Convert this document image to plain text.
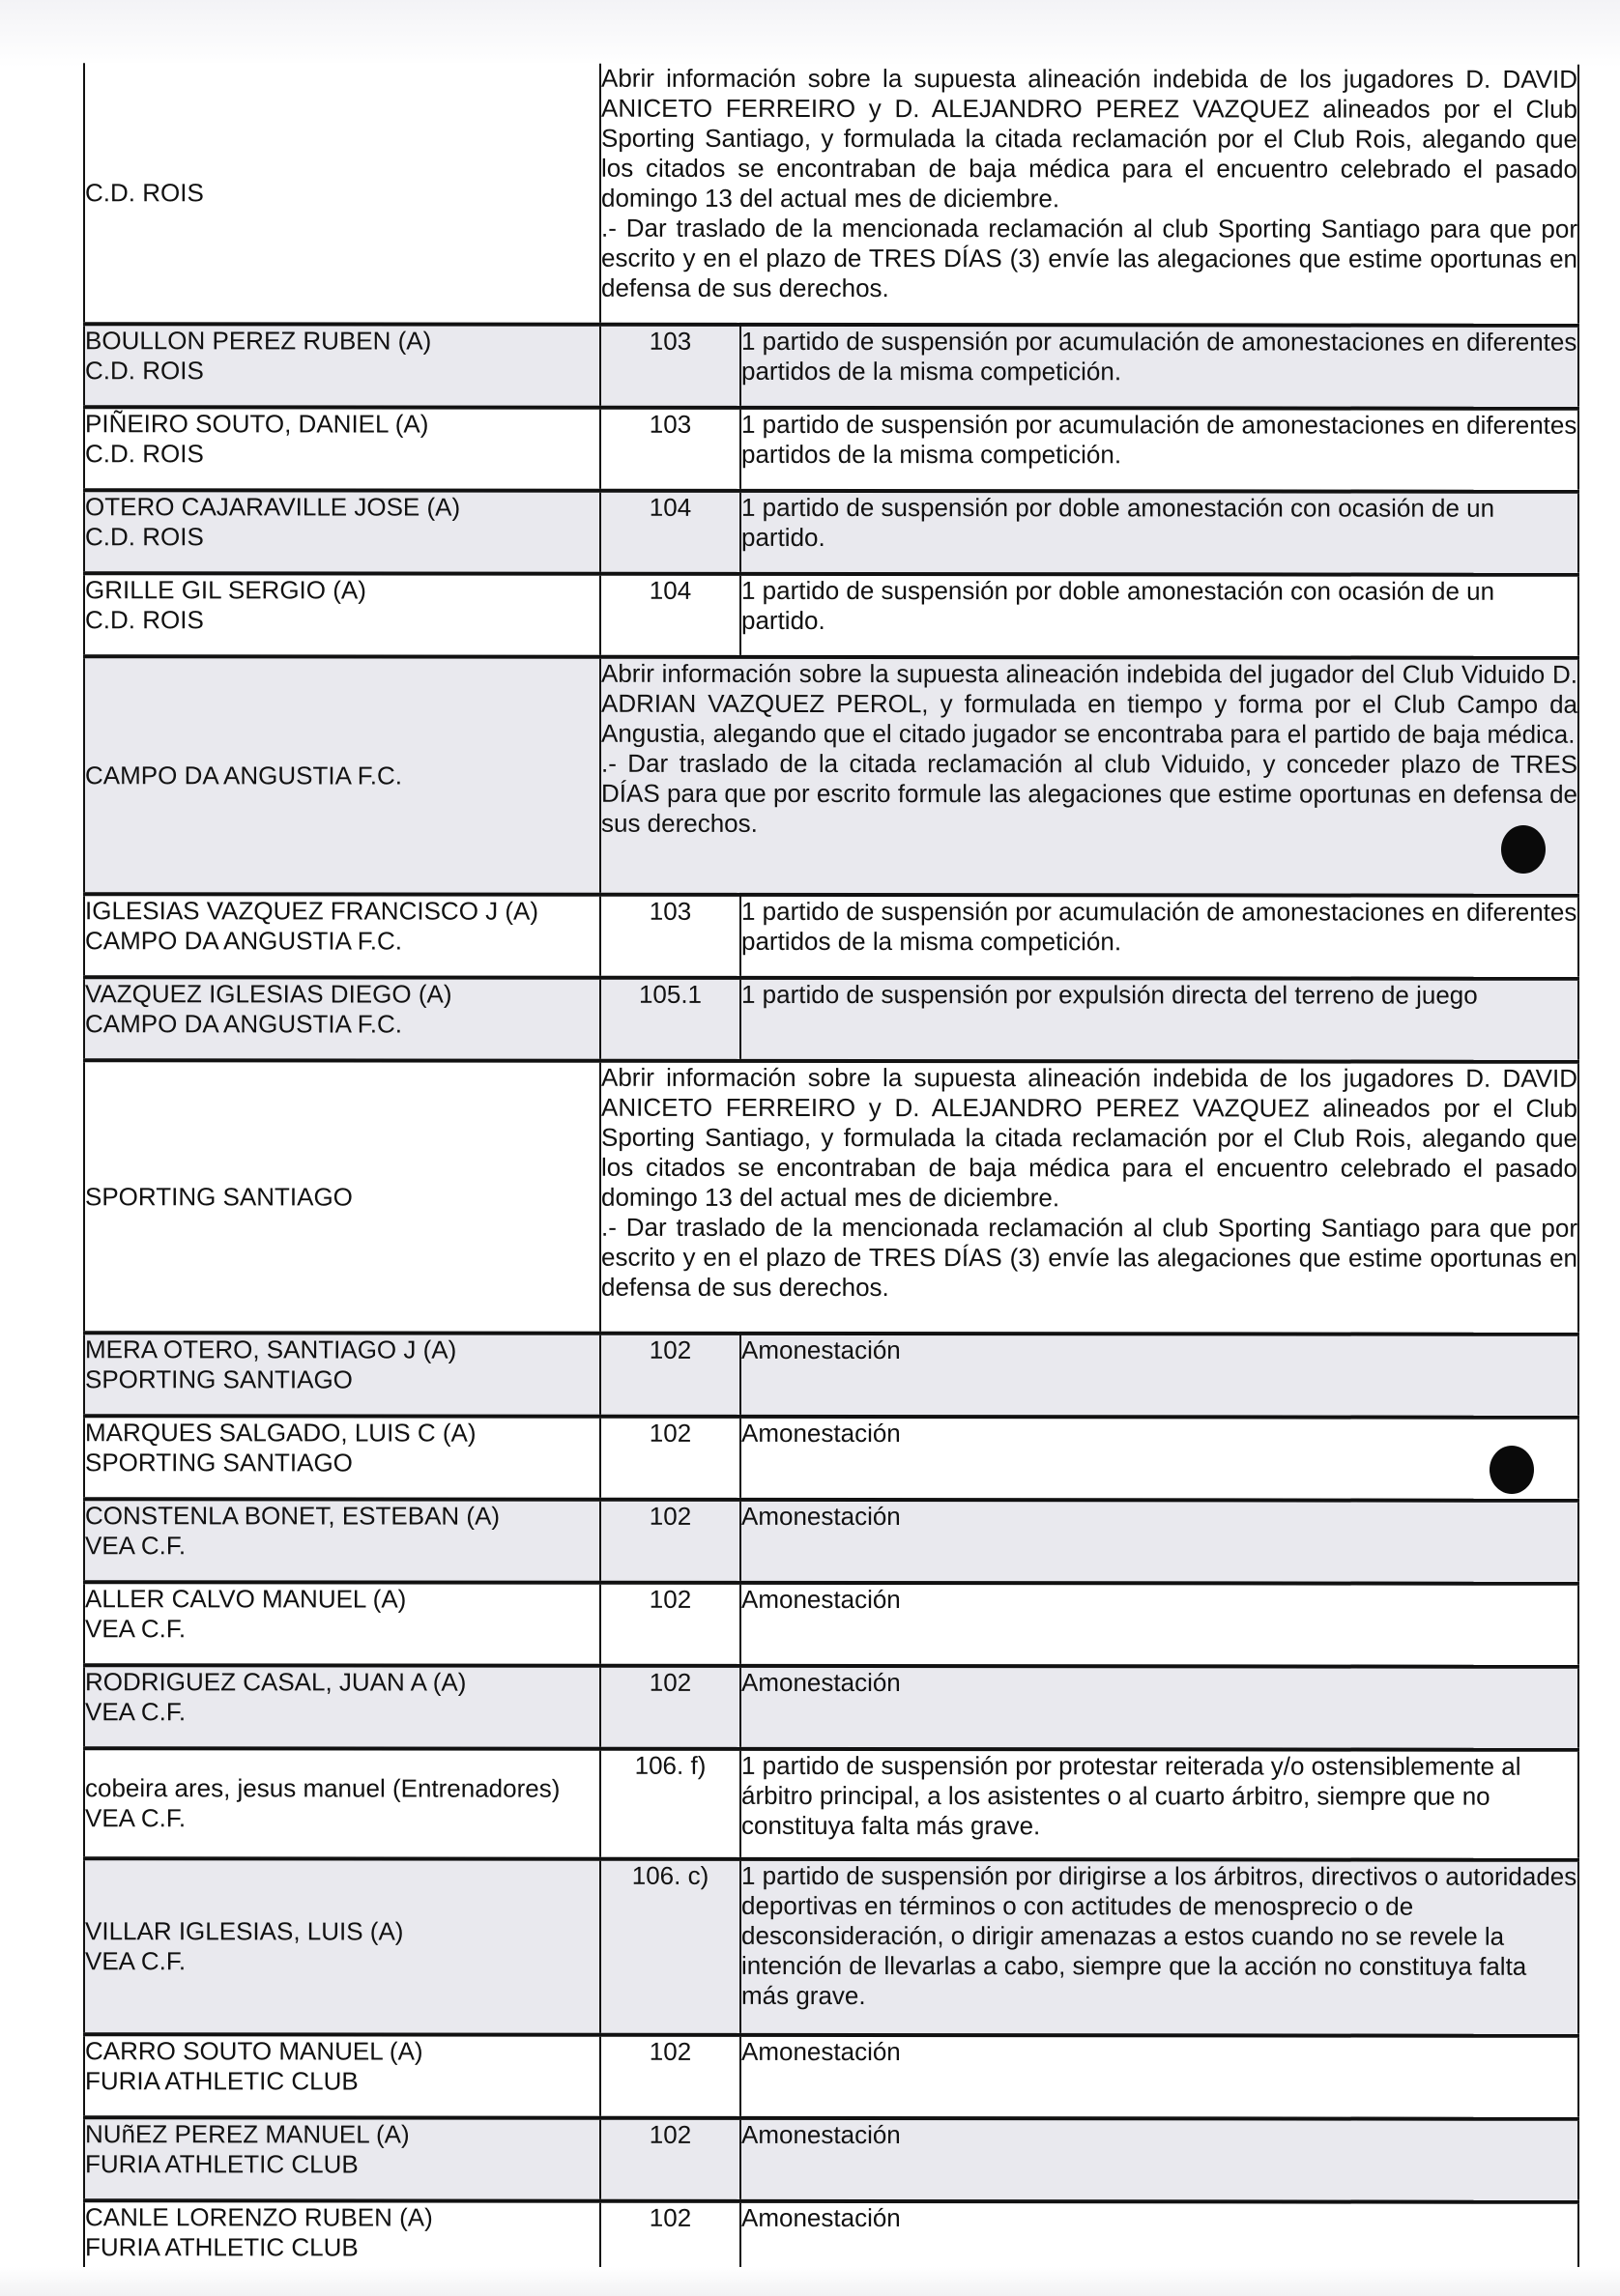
C.D. ROIS	Abrir información sobre la supuesta alineación indebida de los jugadores D. DAVID ANICETO FERREIRO y D. ALEJANDRO PEREZ VAZQUEZ alineados por el Club Sporting Santiago, y formulada la citada reclamación por el Club Rois, alegando que los citados se encontraban de baja médica para el encuentro celebrado el pasado domingo 13 del actual mes de diciembre.
.- Dar traslado de la mencionada reclamación al club Sporting Santiago para que por escrito y en el plazo de TRES DÍAS (3) envíe las alegaciones que estime oportunas en defensa de sus derechos.	

BOULLON PEREZ RUBEN (A)
C.D. ROIS	103	1 partido de suspensión por acumulación de amonestaciones en diferentes partidos de la misma competición.

PIÑEIRO SOUTO, DANIEL (A)
C.D. ROIS	103	1 partido de suspensión por acumulación de amonestaciones en diferentes partidos de la misma competición.

OTERO CAJARAVILLE JOSE (A)
C.D. ROIS	104	1 partido de suspensión por doble amonestación con ocasión de un partido.

GRILLE GIL SERGIO (A)
C.D. ROIS	104	1 partido de suspensión por doble amonestación con ocasión de un partido.
CAMPO DA ANGUSTIA F.C.	Abrir información sobre la supuesta alineación indebida del jugador del Club Viduido D. ADRIAN VAZQUEZ PEROL, y formulada en tiempo y forma por el Club Campo da Angustia, alegando que el citado jugador se encontraba para el partido de baja médica.
.- Dar traslado de la citada reclamación al club Viduido, y conceder plazo de TRES DÍAS para que por escrito formule las alegaciones que estime oportunas en defensa de sus derechos.	

IGLESIAS VAZQUEZ FRANCISCO J (A)
CAMPO DA ANGUSTIA F.C.	103	1 partido de suspensión por acumulación de amonestaciones en diferentes partidos de la misma competición.

VAZQUEZ IGLESIAS DIEGO (A)
CAMPO DA ANGUSTIA F.C.	105.1	1 partido de suspensión por expulsión directa del terreno de juego
SPORTING SANTIAGO	Abrir información sobre la supuesta alineación indebida de los jugadores D. DAVID ANICETO FERREIRO y D. ALEJANDRO PEREZ VAZQUEZ alineados por el Club Sporting Santiago, y formulada la citada reclamación por el Club Rois, alegando que los citados se encontraban de baja médica para el encuentro celebrado el pasado domingo 13 del actual mes de diciembre.
.- Dar traslado de la mencionada reclamación al club Sporting Santiago para que por escrito y en el plazo de TRES DÍAS (3) envíe las alegaciones que estime oportunas en defensa de sus derechos.	

MERA OTERO, SANTIAGO J (A)
SPORTING SANTIAGO	102	Amonestación

MARQUES SALGADO, LUIS C (A)
SPORTING SANTIAGO	102	Amonestación

CONSTENLA BONET, ESTEBAN (A)
VEA C.F.	102	Amonestación

ALLER CALVO MANUEL (A)
VEA C.F.	102	Amonestación

RODRIGUEZ CASAL, JUAN A (A)
VEA C.F.	102	Amonestación

cobeira ares, jesus manuel (Entrenadores)
VEA C.F.	106. f)	1 partido de suspensión por protestar reiterada y/o ostensiblemente al árbitro principal, a los asistentes o al cuarto árbitro, siempre que no constituya falta más grave.

VILLAR IGLESIAS, LUIS (A)
VEA C.F.	106. c)	1 partido de suspensión por dirigirse a los árbitros, directivos o autoridades deportivas en términos o con actitudes de menosprecio o de desconsideración, o dirigir amenazas a estos cuando no se revele la intención de llevarlas a cabo, siempre que la acción no constituya falta más grave.

CARRO SOUTO MANUEL (A)
FURIA ATHLETIC CLUB	102	Amonestación

NUñEZ PEREZ MANUEL (A)
FURIA ATHLETIC CLUB	102	Amonestación

CANLE LORENZO RUBEN (A)
FURIA ATHLETIC CLUB	102	Amonestación
